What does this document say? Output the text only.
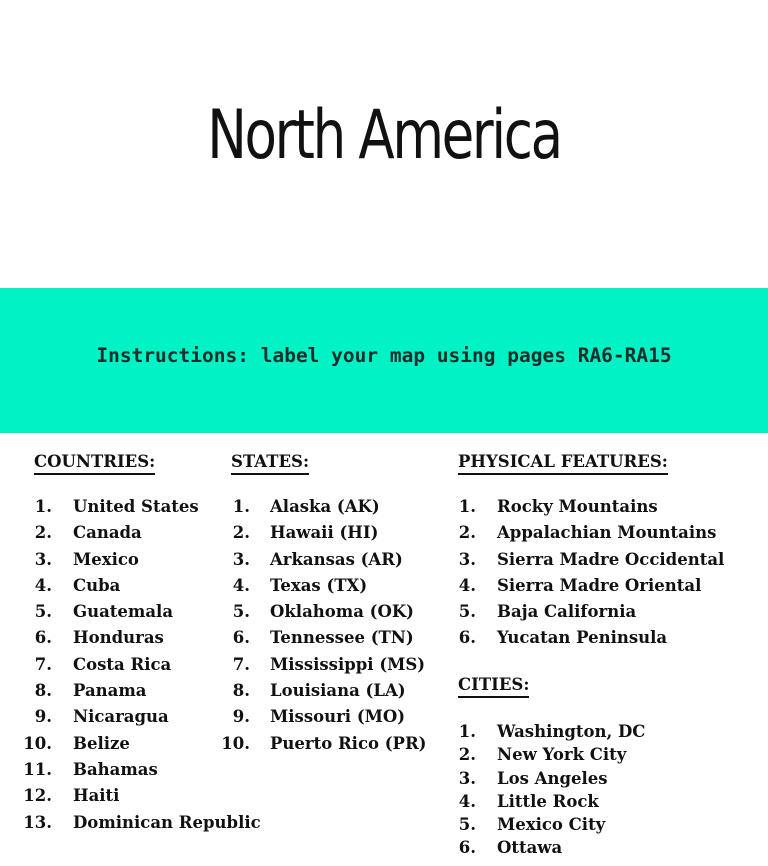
North America
Instructions: label your map using pages RA6-RA15
COUNTRIES:
1. United States
2. Canada
3. Mexico
4. Cuba
5. Guatemala
6. Honduras
7. Costa Rica
8. Panama
9. Nicaragua
10. Belize
11. Bahamas
12. Haiti
13. Dominican Republic
STATES:
1. Alaska (AK)
2. Hawaii (HI)
3. Arkansas (AR)
4. Texas (TX)
5. Oklahoma (OK)
6. Tennessee (TN)
7. Mississippi (MS)
8. Louisiana (LA)
9. Missouri (MO)
10. Puerto Rico (PR)
PHYSICAL FEATURES:
1. Rocky Mountains
2. Appalachian Mountains
3. Sierra Madre Occidental
4. Sierra Madre Oriental
5. Baja California
6. Yucatan Peninsula
CITIES:
1. Washington, DC
2. New York City
3. Los Angeles
4. Little Rock
5. Mexico City
6. Ottawa
